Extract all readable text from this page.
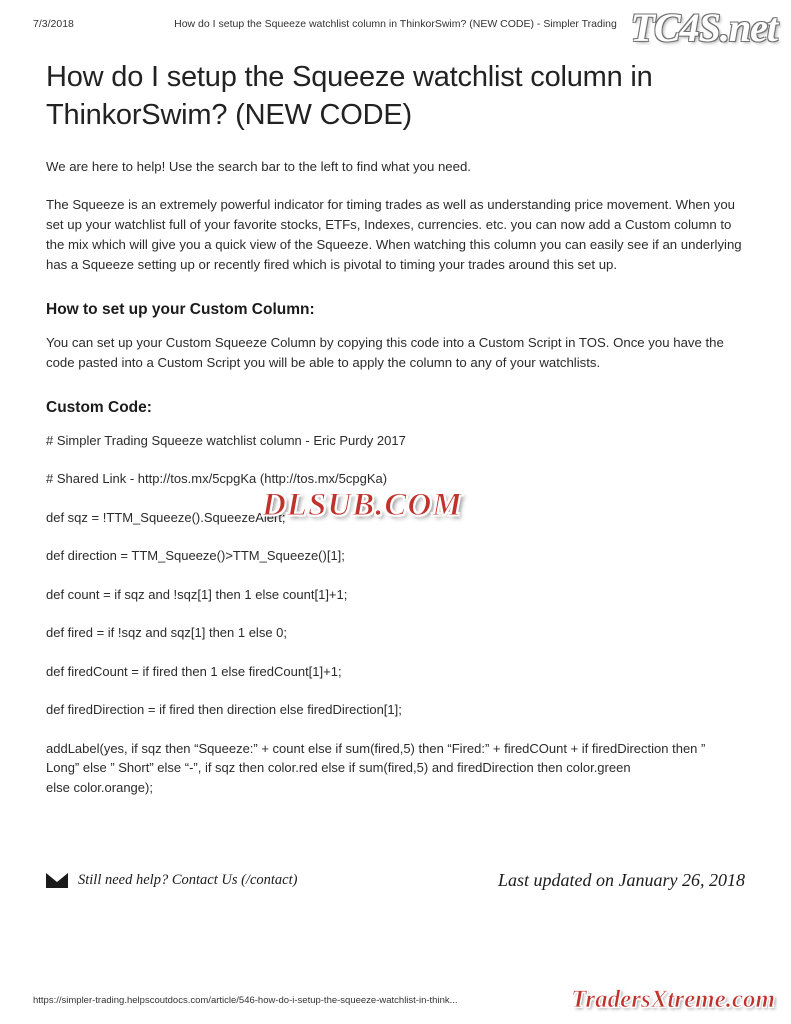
7/3/2018	How do I setup the Squeeze watchlist column in ThinkorSwim? (NEW CODE) - Simpler Trading TC4S.net
How do I setup the Squeeze watchlist column in ThinkorSwim? (NEW CODE)

We are here to help! Use the search bar to the left to find what you need.

The Squeeze is an extremely powerful indicator for timing trades as well as understanding price movement. When you set up your watchlist full of your favorite stocks, ETFs, Indexes, currencies. etc. you can now add a Custom column to the mix which will give you a quick view of the Squeeze. When watching this column you can easily see if an underlying has a Squeeze setting up or recently fired which is pivotal to timing your trades around this set up.

How to set up your Custom Column:

You can set up your Custom Squeeze Column by copying this code into a Custom Script in TOS. Once you have the code pasted into a Custom Script you will be able to apply the column to any of your watchlists.

Custom Code:

# Simpler Trading Squeeze watchlist column - Eric Purdy 2017

# Shared Link - http://tos.mx/5cpgKa (http://tos.mx/5cpgKa)

def sqz = !TTM_Squeeze().SqueezeAlert;

def direction = TTM_Squeeze()>TTM_Squeeze()[1];

def count = if sqz and !sqz[1] then 1 else count[1]+1;

def fired = if !sqz and sqz[1] then 1 else 0;

def firedCount = if fired then 1 else firedCount[1]+1;

def firedDirection = if fired then direction else firedDirection[1];

addLabel(yes, if sqz then “Squeeze:” + count else if sum(fired,5) then “Fired:” + firedCOunt + if firedDirection then ”

Long” else ” Short” else “-”, if sqz then color.red else if sum(fired,5) and firedDirection then color.green

else color.orange);

DLSUB.COM
Still need help? Contact Us (/contact)	Last updated on January 26, 2018
https://simpler-trading.helpscoutdocs.com/article/546-how-do-i-setup-the-squeeze-watchlist-in-think...	TradersXtreme.com
